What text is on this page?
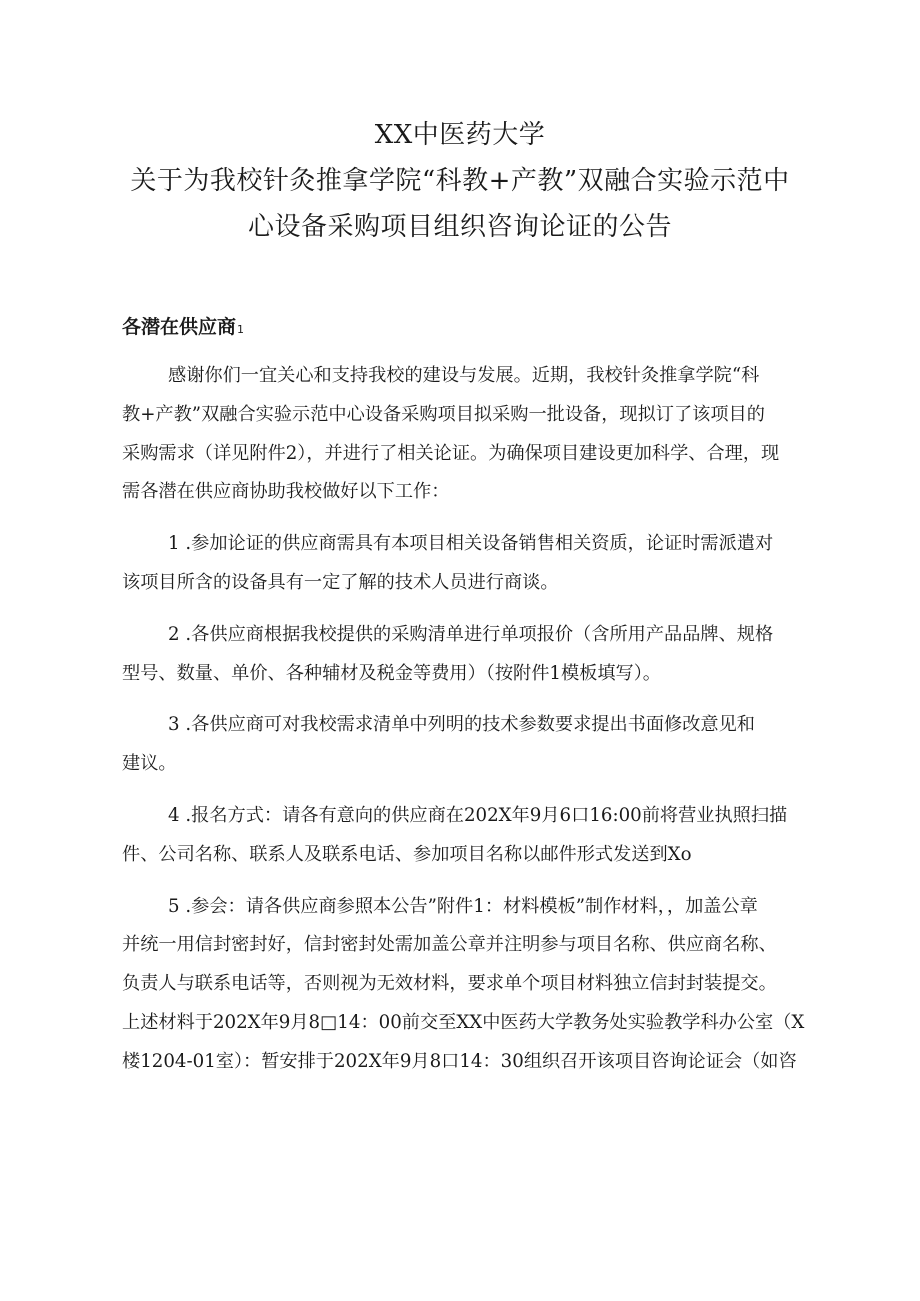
XX中医药大学
关于为我校针灸推拿学院“科教+产教”双融合实验示范中
心设备采购项目组织咨询论证的公告
各潜在供应商1
感谢你们一宜关心和支持我校的建设与发展。近期，我校针灸推拿学院“科
教+产教”双融合实验示范中心设备采购项目拟采购一批设备，现拟订了该项目的
采购需求（详见附件2），并进行了相关论证。为确保项目建设更加科学、合理，现
需各潜在供应商协助我校做好以下工作：
1 .参加论证的供应商需具有本项目相关设备销售相关资质，论证时需派遣对
该项目所含的设备具有一定了解的技术人员进行商谈。
2 .各供应商根据我校提供的采购清单进行单项报价（含所用产品品牌、规格
型号、数量、单价、各种辅材及税金等费用）（按附件1模板填写）。
3 .各供应商可对我校需求清单中列明的技术参数要求提出书面修改意见和
建议。
4 .报名方式：请各有意向的供应商在202X年9月6口16:00前将营业执照扫描
件、公司名称、联系人及联系电话、参加项目名称以邮件形式发送到Xo
5 .参会：请各供应商参照本公告”附件1：材料模板”制作材料，，加盖公章
并统一用信封密封好，信封密封处需加盖公章并注明参与项目名称、供应商名称、
负责人与联系电话等，否则视为无效材料，要求单个项目材料独立信封封装提交。
上述材料于202X年9月8□14：00前交至XX中医药大学教务处实验教学科办公室（X
楼1204-01室）：暂安排于202X年9月8口14：30组织召开该项目咨询论证会（如咨
